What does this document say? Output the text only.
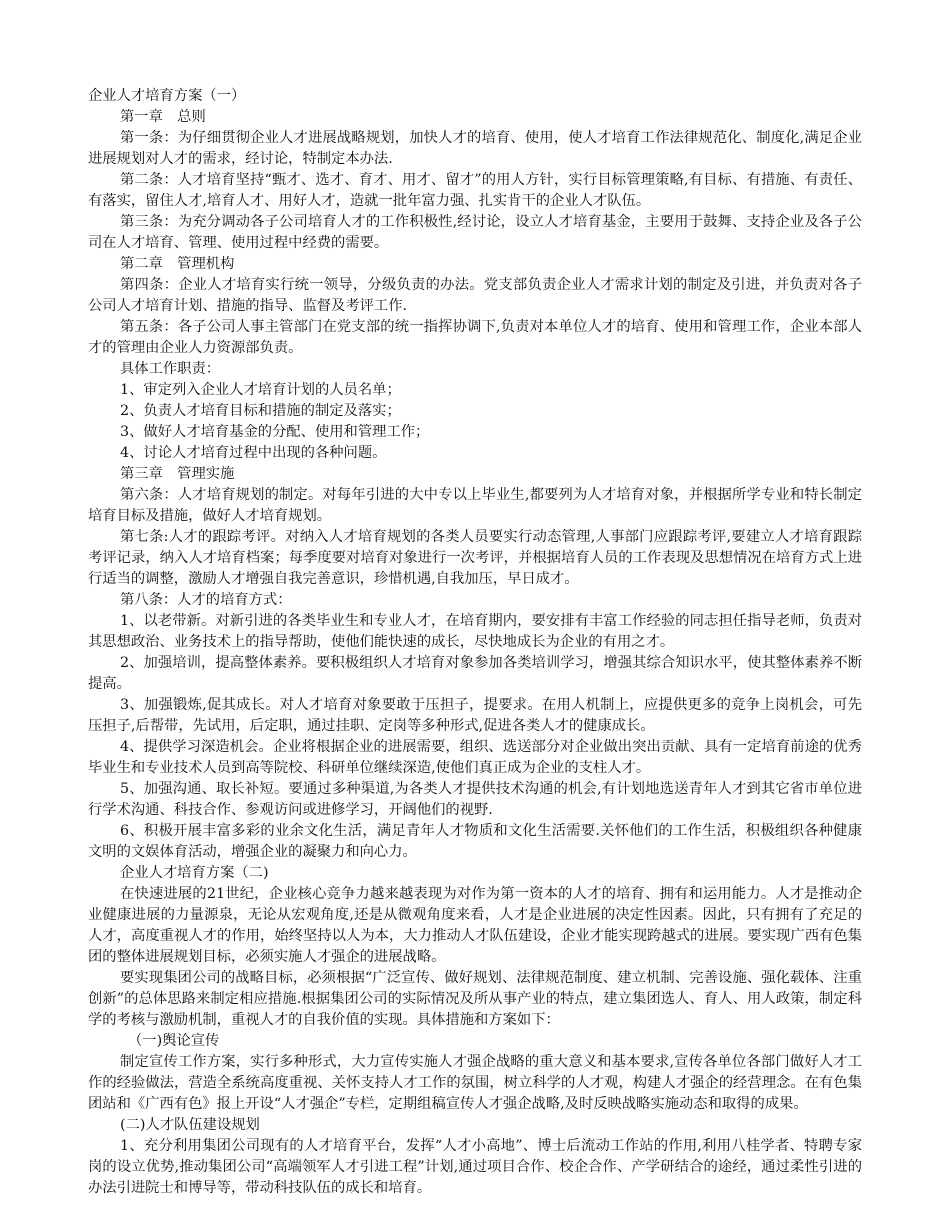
企业人才培育方案（一）

第一章　总则

第一条：为仔细贯彻企业人才进展战略规划，加快人才的培育、使用，使人才培育工作法律规范化、制度化,满足企业进展规划对人才的需求，经讨论，特制定本办法.

第二条：人才培育坚持“甄才、选才、育才、用才、留才”的用人方针，实行目标管理策略,有目标、有措施、有责任、有落实，留住人才,培育人才、用好人才，造就一批年富力强、扎实肯干的企业人才队伍。

第三条：为充分调动各子公司培育人才的工作积极性,经讨论，设立人才培育基金，主要用于鼓舞、支持企业及各子公司在人才培育、管理、使用过程中经费的需要。

第二章　管理机构

第四条：企业人才培育实行统一领导，分级负责的办法。党支部负责企业人才需求计划的制定及引进，并负责对各子公司人才培育计划、措施的指导、监督及考评工作.

第五条：各子公司人事主管部门在党支部的统一指挥协调下,负责对本单位人才的培育、使用和管理工作，企业本部人才的管理由企业人力资源部负责。

具体工作职责：

1、审定列入企业人才培育计划的人员名单；

2、负责人才培育目标和措施的制定及落实；

3、做好人才培育基金的分配、使用和管理工作；

4、讨论人才培育过程中出现的各种问题。

第三章　管理实施

第六条：人才培育规划的制定。对每年引进的大中专以上毕业生,都要列为人才培育对象，并根据所学专业和特长制定培育目标及措施，做好人才培育规划。

第七条:人才的跟踪考评。对纳入人才培育规划的各类人员要实行动态管理,人事部门应跟踪考评,要建立人才培育跟踪考评记录，纳入人才培育档案；每季度要对培育对象进行一次考评，并根据培育人员的工作表现及思想情况在培育方式上进行适当的调整，激励人才增强自我完善意识，珍惜机遇,自我加压，早日成才。

第八条：人才的培育方式：

1、以老带新。对新引进的各类毕业生和专业人才，在培育期内，要安排有丰富工作经验的同志担任指导老师，负责对其思想政治、业务技术上的指导帮助，使他们能快速的成长，尽快地成长为企业的有用之才。

2、加强培训，提高整体素养。要积极组织人才培育对象参加各类培训学习，增强其综合知识水平，使其整体素养不断提高。

3、加强锻炼,促其成长。对人才培育对象要敢于压担子，提要求。在用人机制上，应提供更多的竞争上岗机会，可先压担子,后帮带，先试用，后定职，通过挂职、定岗等多种形式,促进各类人才的健康成长。

4、提供学习深造机会。企业将根据企业的进展需要，组织、选送部分对企业做出突出贡献、具有一定培育前途的优秀毕业生和专业技术人员到高等院校、科研单位继续深造,使他们真正成为企业的支柱人才。

5、加强沟通、取长补短。要通过多种渠道,为各类人才提供技术沟通的机会,有计划地选送青年人才到其它省市单位进行学术沟通、科技合作、参观访问或进修学习，开阔他们的视野.

6、积极开展丰富多彩的业余文化生活，满足青年人才物质和文化生活需要.关怀他们的工作生活，积极组织各种健康文明的文娱体育活动，增强企业的凝聚力和向心力。

企业人才培育方案（二)

在快速进展的21世纪，企业核心竞争力越来越表现为对作为第一资本的人才的培育、拥有和运用能力。人才是推动企业健康进展的力量源泉，无论从宏观角度,还是从微观角度来看，人才是企业进展的决定性因素。因此，只有拥有了充足的人才，高度重视人才的作用，始终坚持以人为本，大力推动人才队伍建设，企业才能实现跨越式的进展。要实现广西有色集团的整体进展规划目标，必须实施人才强企的进展战略。

要实现集团公司的战略目标，必须根据“广泛宣传、做好规划、法律规范制度、建立机制、完善设施、强化载体、注重创新”的总体思路来制定相应措施.根据集团公司的实际情况及所从事产业的特点，建立集团选人、育人、用人政策，制定科学的考核与激励机制，重视人才的自我价值的实现。具体措施和方案如下：

（一)舆论宣传

制定宣传工作方案，实行多种形式，大力宣传实施人才强企战略的重大意义和基本要求,宣传各单位各部门做好人才工作的经验做法，营造全系统高度重视、关怀支持人才工作的氛围，树立科学的人才观，构建人才强企的经营理念。在有色集团站和《广西有色》报上开设“人才强企”专栏，定期组稿宣传人才强企战略,及时反映战略实施动态和取得的成果。

(二)人才队伍建设规划

1、充分利用集团公司现有的人才培育平台，发挥“人才小高地”、博士后流动工作站的作用,利用八桂学者、特聘专家岗的设立优势,推动集团公司“高端领军人才引进工程”计划,通过项目合作、校企合作、产学研结合的途经，通过柔性引进的办法引进院士和博导等，带动科技队伍的成长和培育。
